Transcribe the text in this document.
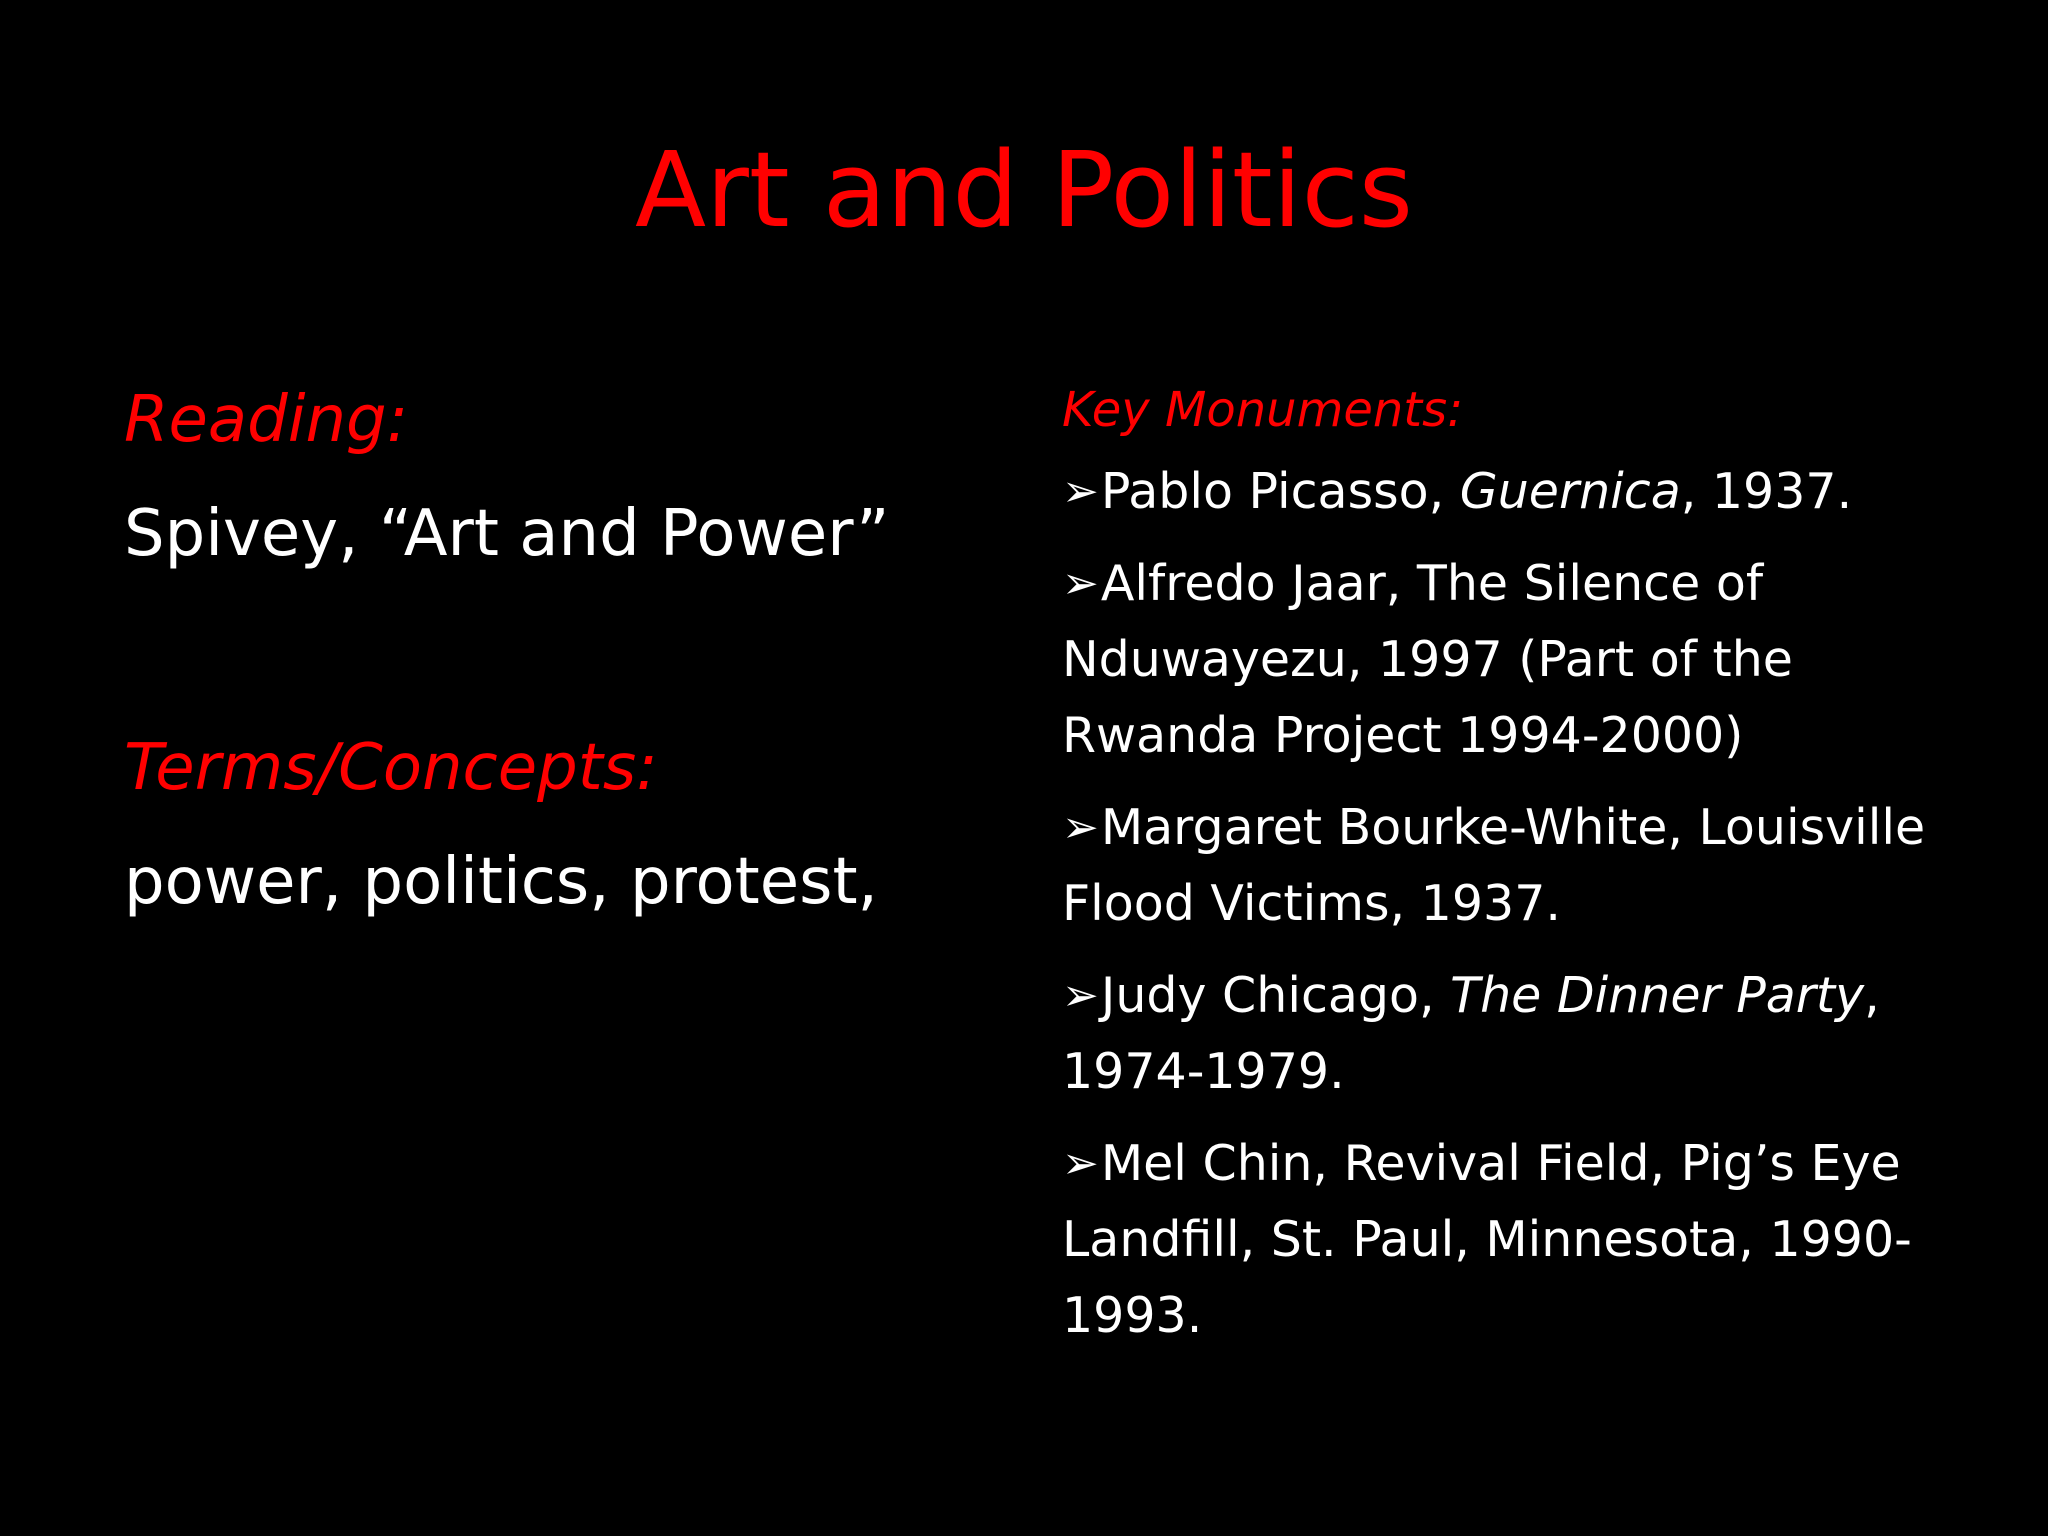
Art and Politics
Reading:
Spivey, “Art and Power”
Terms/Concepts:
power, politics, protest,
Key Monuments:
➢Pablo Picasso, Guernica, 1937.
➢Alfredo Jaar, The Silence of Nduwayezu, 1997 (Part of the Rwanda Project 1994-2000)
➢Margaret Bourke-White, Louisville Flood Victims, 1937.
➢Judy Chicago, The Dinner Party, 1974-1979.
➢Mel Chin, Revival Field, Pig’s Eye Landfill, St. Paul, Minnesota, 1990-1993.
